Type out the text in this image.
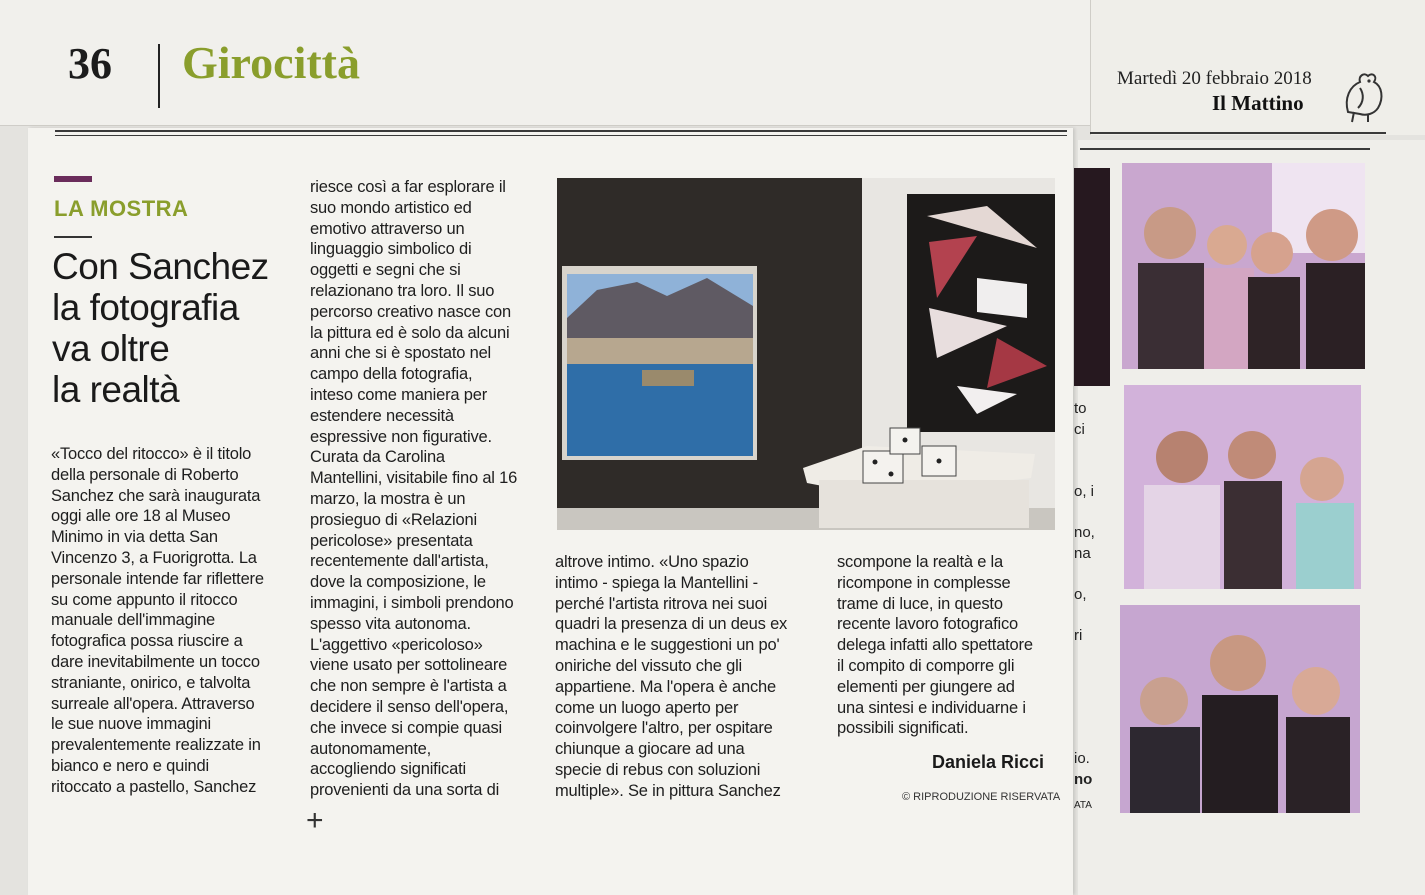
36 Girocittà	Martedì 20 febbraio 2018
Il Mattino
LA MOSTRA
Con Sanchez
la fotografia
va oltre
la realtà

«Tocco del ritocco» è il titolo

della personale di Roberto

Sanchez che sarà inaugurata

oggi alle ore 18 al Museo

Minimo in via detta San

Vincenzo 3, a Fuorigrotta. La

personale intende far riflettere

su come appunto il ritocco

manuale dell'immagine

fotografica possa riuscire a

dare inevitabilmente un tocco

straniante, onirico, e talvolta

surreale all'opera. Attraverso

le sue nuove immagini

prevalentemente realizzate in

bianco e nero e quindi

ritoccato a pastello, Sanchez

riesce così a far esplorare il

suo mondo artistico ed

emotivo attraverso un

linguaggio simbolico di

oggetti e segni che si

relazionano tra loro. Il suo

percorso creativo nasce con

la pittura ed è solo da alcuni

anni che si è spostato nel

campo della fotografia,

inteso come maniera per

estendere necessità

espressive non figurative.

Curata da Carolina

Mantellini, visitabile fino al 16

marzo, la mostra è un

prosieguo di «Relazioni

pericolose» presentata

recentemente dall'artista,

dove la composizione, le

immagini, i simboli prendono

spesso vita autonoma.

L'aggettivo «pericoloso»

viene usato per sottolineare

che non sempre è l'artista a

decidere il senso dell'opera,

che invece si compie quasi

autonomamente,

accogliendo significati

provenienti da una sorta di

altrove intimo. «Uno spazio

intimo - spiega la Mantellini -

perché l'artista ritrova nei suoi

quadri la presenza di un deus ex

machina e le suggestioni un po'

oniriche del vissuto che gli

appartiene. Ma l'opera è anche

come un luogo aperto per

coinvolgere l'altro, per ospitare

chiunque a giocare ad una

specie di rebus con soluzioni

multiple». Se in pittura Sanchez

scompone la realtà e la

ricompone in complesse

trame di luce, in questo

recente lavoro fotografico

delega infatti allo spettatore

il compito di comporre gli

elementi per giungere ad

una sintesi e individuarne i

possibili significati.

Daniela Ricci
© RIPRODUZIONE RISERVATA
+
to
ci
o, i
no,
na
o,
ri
io.
no
ATA
